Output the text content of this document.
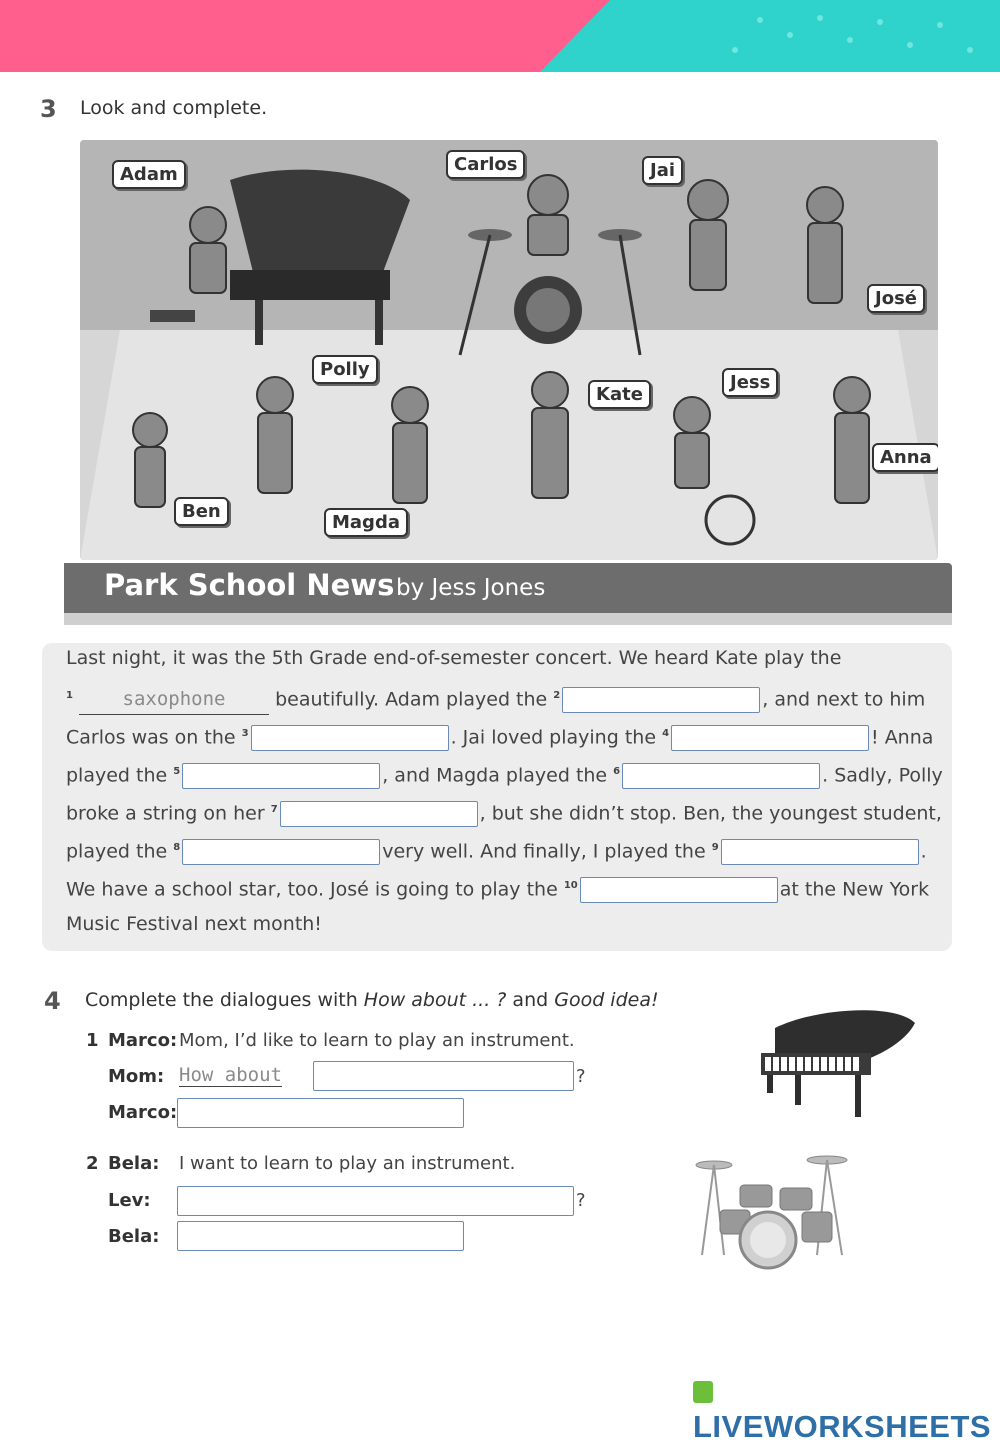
3 Look and complete.
Adam	Carlos	Jai
José
Polly
Kate
Jess
Anna
Ben
Magda
Park School News by Jess Jones
Last night, it was the 5th Grade end-of-semester concert. We heard Kate play the
$^1$	saxophone	beautifully. Adam played the $^2$	, and next to him
Carlos was on the $^3$	. Jai loved playing the $^4$	! Anna
played the $^5$	, and Magda played the $^6$	. Sadly, Polly
broke a string on her $^7$	, but she didn’t stop. Ben, the youngest student,
played the $^8$	very well. And finally, I played the $^9$	.
We have a school star, too. José is going to play the $^{10}$	at the New York
Music Festival next month!
4 Complete the dialogues with How about ... ? and Good idea!
1 Marco: Mom, I’d like to learn to play an instrument.
Mom: How about	?
Marco:
2 Bela: I want to learn to play an instrument.
Lev:	?
Bela:
LIVEWORKSHEETS
